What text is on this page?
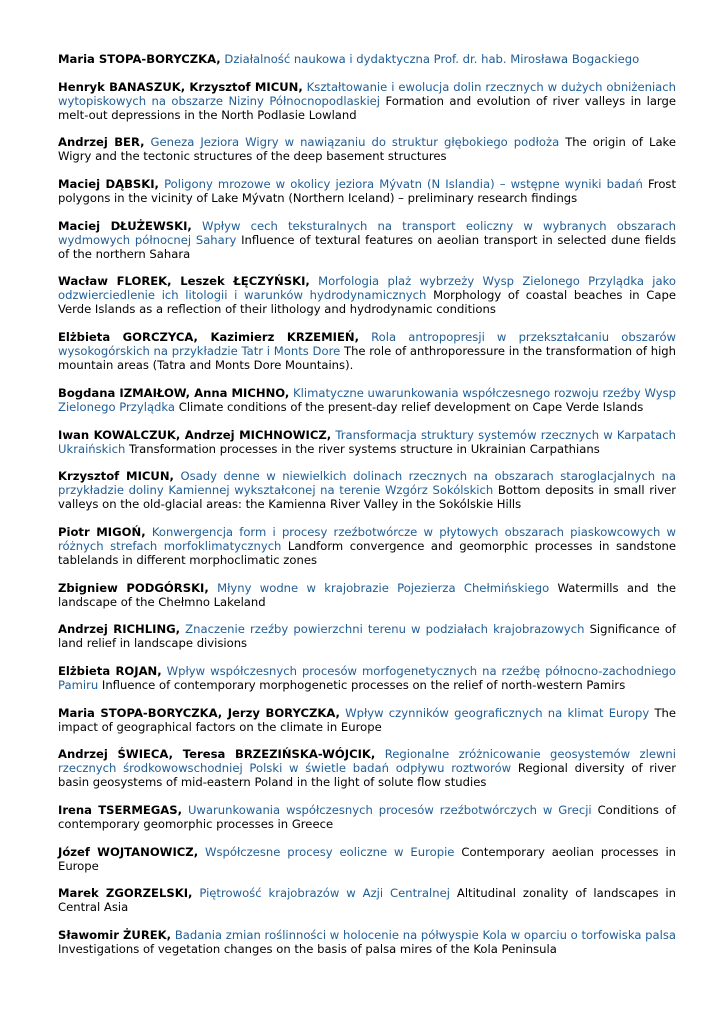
Maria STOPA-BORYCZKA, Działalność naukowa i dydaktyczna Prof. dr. hab. Mirosława Bogackiego

Henryk BANASZUK, Krzysztof MICUN, Kształtowanie i ewolucja dolin rzecznych w dużych obniżeniach wytopiskowych na obszarze Niziny Północnopodlaskiej Formation and evolution of river valleys in large melt-out depressions in the North Podlasie Lowland

Andrzej BER, Geneza Jeziora Wigry w nawiązaniu do struktur głębokiego podłoża The origin of Lake Wigry and the tectonic structures of the deep basement structures

Maciej DĄBSKI, Poligony mrozowe w okolicy jeziora Mývatn (N Islandia) – wstępne wyniki badań Frost polygons in the vicinity of Lake Mývatn (Northern Iceland) – preliminary research findings

Maciej DŁUŻEWSKI, Wpływ cech teksturalnych na transport eoliczny w wybranych obszarach wydmowych północnej Sahary Influence of textural features on aeolian transport in selected dune fields of the northern Sahara

Wacław FLOREK, Leszek ŁĘCZYŃSKI, Morfologia plaż wybrzeży Wysp Zielonego Przylądka jako odzwierciedlenie ich litologii i warunków hydrodynamicznych Morphology of coastal beaches in Cape Verde Islands as a reflection of their lithology and hydrodynamic conditions

Elżbieta GORCZYCA, Kazimierz KRZEMIEŃ, Rola antropopresji w przekształcaniu obszarów wysokogórskich na przykładzie Tatr i Monts Dore The role of anthroporessure in the transformation of high mountain areas (Tatra and Monts Dore Mountains).

Bogdana IZMAIŁOW, Anna MICHNO, Klimatyczne uwarunkowania współczesnego rozwoju rzeźby Wysp Zielonego Przylądka Climate conditions of the present-day relief development on Cape Verde Islands

Iwan KOWALCZUK, Andrzej MICHNOWICZ, Transformacja struktury systemów rzecznych w Karpatach Ukraińskich Transformation processes in the river systems structure in Ukrainian Carpathians

Krzysztof MICUN, Osady denne w niewielkich dolinach rzecznych na obszarach staroglacjalnych na przykładzie doliny Kamiennej wykształconej na terenie Wzgórz Sokólskich Bottom deposits in small river valleys on the old-glacial areas: the Kamienna River Valley in the Sokólskie Hills

Piotr MIGOŃ, Konwergencja form i procesy rzeźbotwórcze w płytowych obszarach piaskowcowych w różnych strefach morfoklimatycznych Landform convergence and geomorphic processes in sandstone tablelands in different morphoclimatic zones

Zbigniew PODGÓRSKI, Młyny wodne w krajobrazie Pojezierza Chełmińskiego Watermills and the landscape of the Chełmno Lakeland

Andrzej RICHLING, Znaczenie rzeźby powierzchni terenu w podziałach krajobrazowych Significance of land relief in landscape divisions

Elżbieta ROJAN, Wpływ współczesnych procesów morfogenetycznych na rzeźbę północno-zachodniego Pamiru Influence of contemporary morphogenetic processes on the relief of north-western Pamirs

Maria STOPA-BORYCZKA, Jerzy BORYCZKA, Wpływ czynników geograficznych na klimat Europy The impact of geographical factors on the climate in Europe

Andrzej ŚWIECA, Teresa BRZEZIŃSKA-WÓJCIK, Regionalne zróżnicowanie geosystemów zlewni rzecznych środkowowschodniej Polski w świetle badań odpływu roztworów Regional diversity of river basin geosystems of mid-eastern Poland in the light of solute flow studies

Irena TSERMEGAS, Uwarunkowania współczesnych procesów rzeźbotwórczych w Grecji Conditions of contemporary geomorphic processes in Greece

Józef WOJTANOWICZ, Współczesne procesy eoliczne w Europie Contemporary aeolian processes in Europe

Marek ZGORZELSKI, Piętrowość krajobrazów w Azji Centralnej Altitudinal zonality of landscapes in Central Asia

Sławomir ŻUREK, Badania zmian roślinności w holocenie na półwyspie Kola w oparciu o torfowiska palsa Investigations of vegetation changes on the basis of palsa mires of the Kola Peninsula
